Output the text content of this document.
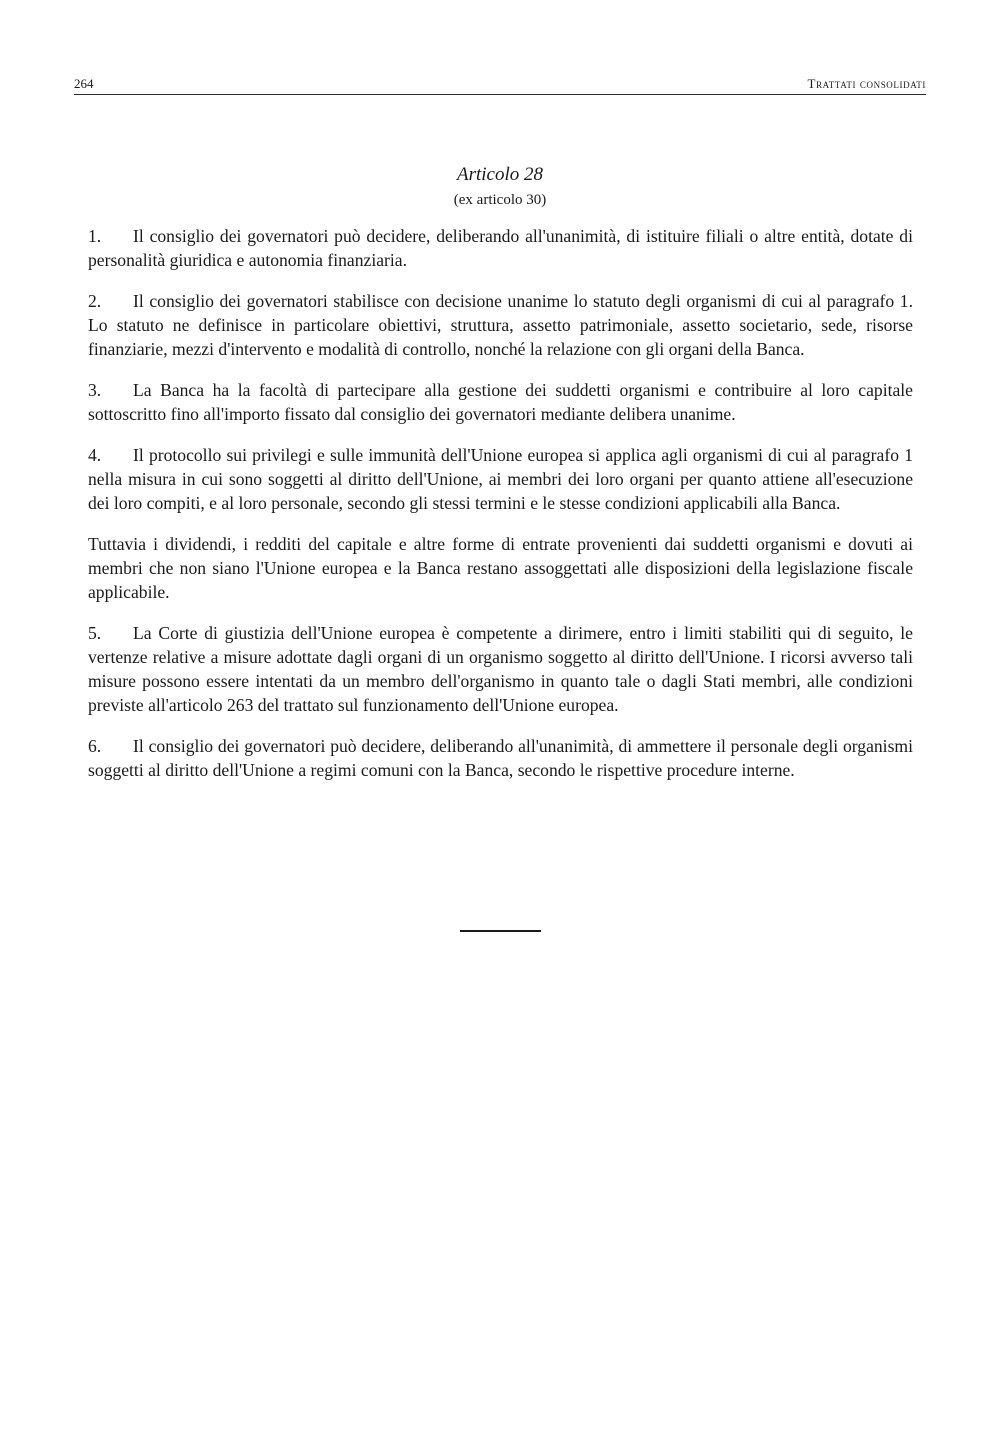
264	Trattati consolidati
Articolo 28
(ex articolo 30)

1. Il consiglio dei governatori può decidere, deliberando all'unanimità, di istituire filiali o altre entità, dotate di personalità giuridica e autonomia finanziaria.

2. Il consiglio dei governatori stabilisce con decisione unanime lo statuto degli organismi di cui al paragrafo 1. Lo statuto ne definisce in particolare obiettivi, struttura, assetto patrimoniale, assetto societario, sede, risorse finanziarie, mezzi d'intervento e modalità di controllo, nonché la relazione con gli organi della Banca.

3. La Banca ha la facoltà di partecipare alla gestione dei suddetti organismi e contribuire al loro capitale sottoscritto fino all'importo fissato dal consiglio dei governatori mediante delibera unanime.

4. Il protocollo sui privilegi e sulle immunità dell'Unione europea si applica agli organismi di cui al paragrafo 1 nella misura in cui sono soggetti al diritto dell'Unione, ai membri dei loro organi per quanto attiene all'esecuzione dei loro compiti, e al loro personale, secondo gli stessi termini e le stesse condizioni applicabili alla Banca.

Tuttavia i dividendi, i redditi del capitale e altre forme di entrate provenienti dai suddetti organismi e dovuti ai membri che non siano l'Unione europea e la Banca restano assoggettati alle disposizioni della legislazione fiscale applicabile.

5. La Corte di giustizia dell'Unione europea è competente a dirimere, entro i limiti stabiliti qui di seguito, le vertenze relative a misure adottate dagli organi di un organismo soggetto al diritto dell'Unione. I ricorsi avverso tali misure possono essere intentati da un membro dell'organismo in quanto tale o dagli Stati membri, alle condizioni previste all'articolo 263 del trattato sul funzionamento dell'Unione europea.

6. Il consiglio dei governatori può decidere, deliberando all'unanimità, di ammettere il personale degli organismi soggetti al diritto dell'Unione a regimi comuni con la Banca, secondo le rispettive procedure interne.
